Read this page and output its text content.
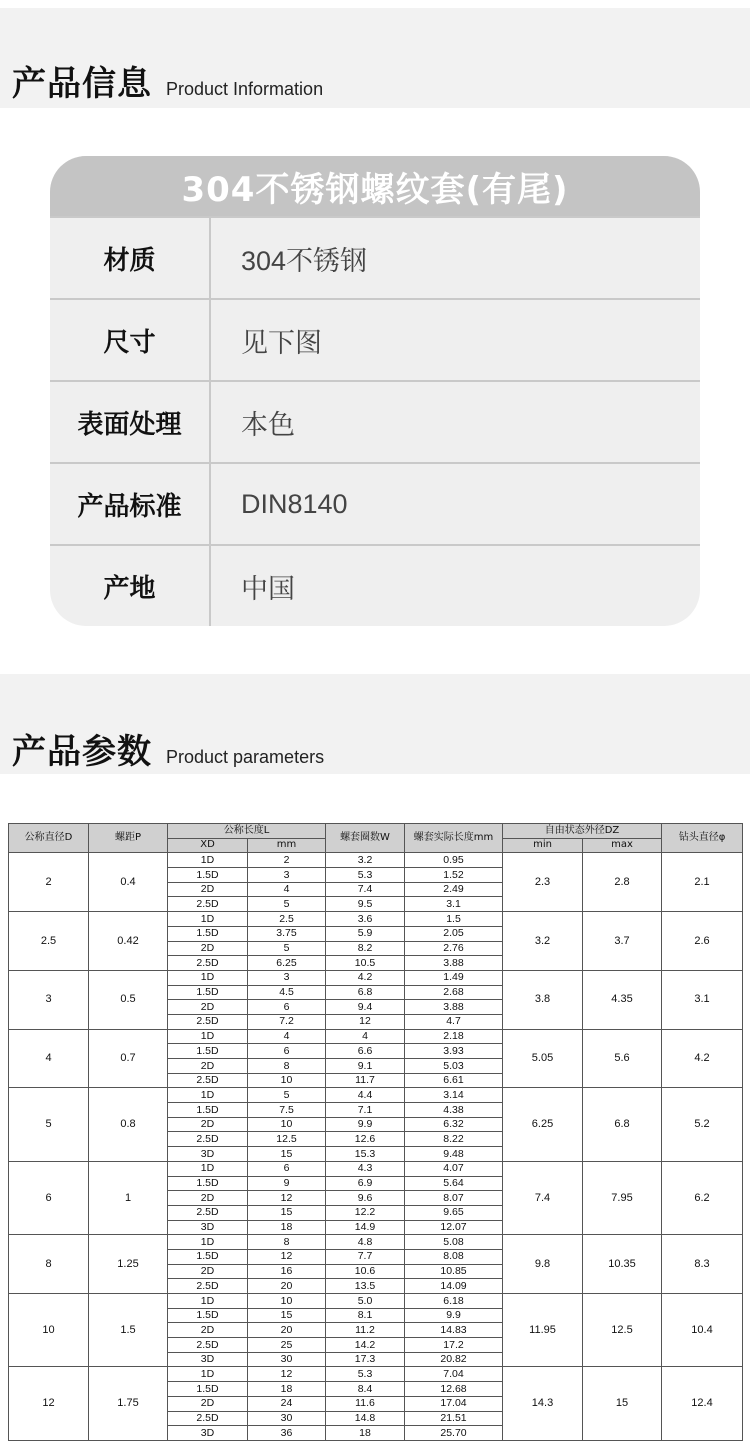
产品信息 Product Information
304不锈钢螺纹套(有尾)
材质	304不锈钢
尺寸	见下图
表面处理	本色
产品标准	DIN8140
产地	中国
产品参数 Product parameters
公称直径D	螺距P	公称长度L		螺套圈数W	螺套实际长度mm	自由状态外径DZ		钻头直径φ
		XD	mm			min	max	
2	0.4	1D	2	3.2	0.95	2.3	2.8	2.1
		1.5D	3	5.3	1.52			
		2D	4	7.4	2.49			
		2.5D	5	9.5	3.1			
2.5	0.42	1D	2.5	3.6	1.5	3.2	3.7	2.6
		1.5D	3.75	5.9	2.05			
		2D	5	8.2	2.76			
		2.5D	6.25	10.5	3.88			
3	0.5	1D	3	4.2	1.49	3.8	4.35	3.1
		1.5D	4.5	6.8	2.68			
		2D	6	9.4	3.88			
		2.5D	7.2	12	4.7			
4	0.7	1D	4	4	2.18	5.05	5.6	4.2
		1.5D	6	6.6	3.93			
		2D	8	9.1	5.03			
		2.5D	10	11.7	6.61			
5	0.8	1D	5	4.4	3.14	6.25	6.8	5.2
		1.5D	7.5	7.1	4.38			
		2D	10	9.9	6.32			
		2.5D	12.5	12.6	8.22			
		3D	15	15.3	9.48			
6	1	1D	6	4.3	4.07	7.4	7.95	6.2
		1.5D	9	6.9	5.64			
		2D	12	9.6	8.07			
		2.5D	15	12.2	9.65			
		3D	18	14.9	12.07			
8	1.25	1D	8	4.8	5.08	9.8	10.35	8.3
		1.5D	12	7.7	8.08			
		2D	16	10.6	10.85			
		2.5D	20	13.5	14.09			
10	1.5	1D	10	5.0	6.18	11.95	12.5	10.4
		1.5D	15	8.1	9.9			
		2D	20	11.2	14.83			
		2.5D	25	14.2	17.2			
		3D	30	17.3	20.82			
12	1.75	1D	12	5.3	7.04	14.3	15	12.4
		1.5D	18	8.4	12.68			
		2D	24	11.6	17.04			
		2.5D	30	14.8	21.51			
		3D	36	18	25.70			
